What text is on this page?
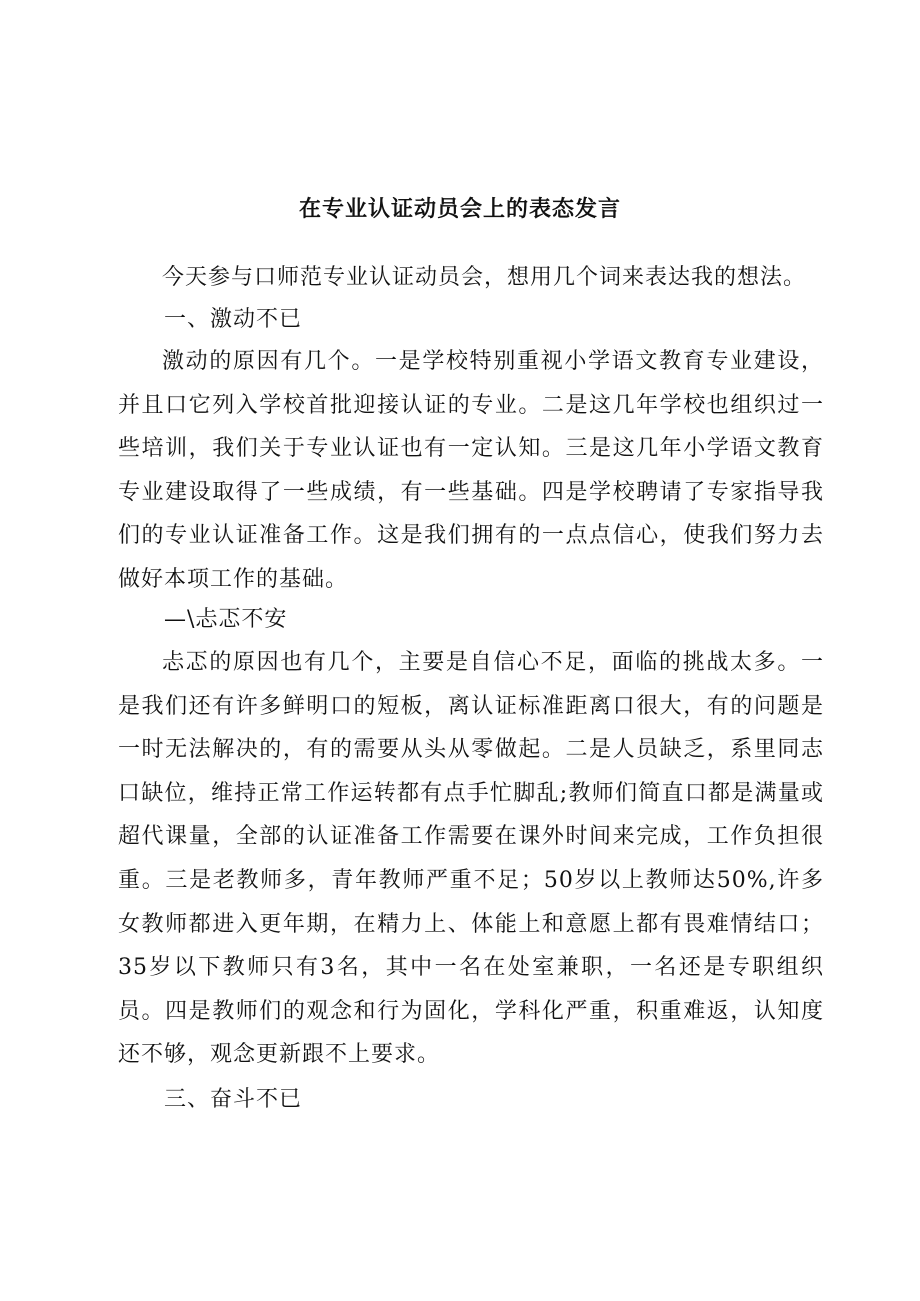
在专业认证动员会上的表态发言
今天参与口师范专业认证动员会，想用几个词来表达我的想法。
一、激动不已
激动的原因有几个。一是学校特别重视小学语文教育专业建设，并且口它列入学校首批迎接认证的专业。二是这几年学校也组织过一些培训，我们关于专业认证也有一定认知。三是这几年小学语文教育专业建设取得了一些成绩，有一些基础。四是学校聘请了专家指导我们的专业认证准备工作。这是我们拥有的一点点信心，使我们努力去做好本项工作的基础。
—\忐忑不安
忐忑的原因也有几个，主要是自信心不足，面临的挑战太多。一是我们还有许多鲜明口的短板，离认证标准距离口很大，有的问题是一时无法解决的，有的需要从头从零做起。二是人员缺乏，系里同志口缺位，维持正常工作运转都有点手忙脚乱;教师们简直口都是满量或超代课量，全部的认证准备工作需要在课外时间来完成，工作负担很重。三是老教师多，青年教师严重不足；50岁以上教师达50%,许多女教师都进入更年期，在精力上、体能上和意愿上都有畏难情结口；35岁以下教师只有3名，其中一名在处室兼职，一名还是专职组织员。四是教师们的观念和行为固化，学科化严重，积重难返，认知度还不够，观念更新跟不上要求。
三、奋斗不已
